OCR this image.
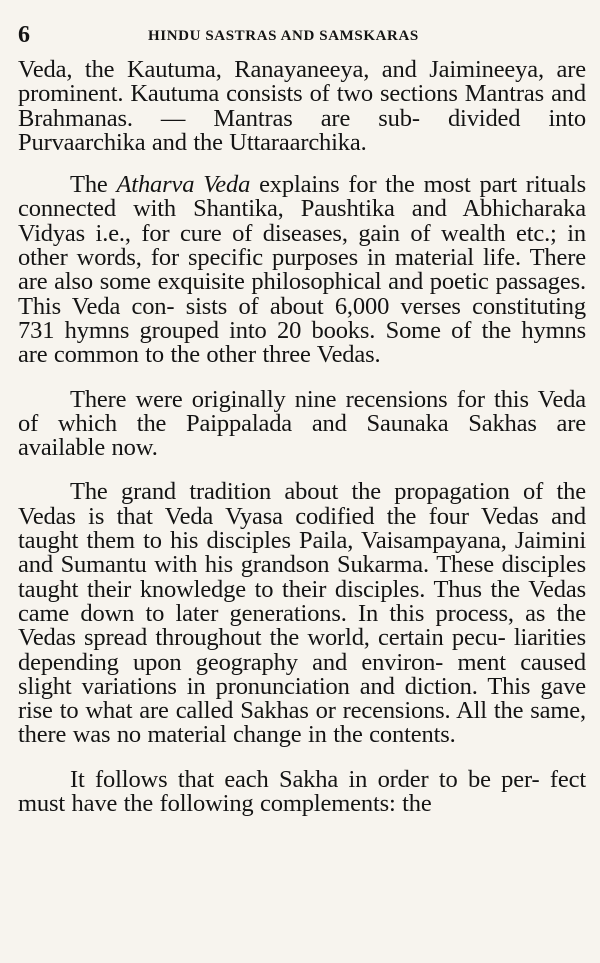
6	HINDU SASTRAS AND SAMSKARAS

Veda, the Kautuma, Ranayaneeya, and Jaimineeya, are prominent. Kautuma consists of two sections Mantras and Brahmanas. — Mantras are sub- divided into Purvaarchika and the Uttaraarchika.

The Atharva Veda explains for the most part rituals connected with Shantika, Paushtika and Abhicharaka Vidyas i.e., for cure of diseases, gain of wealth etc.; in other words, for specific purposes in material life. There are also some exquisite philosophical and poetic passages. This Veda con- sists of about 6,000 verses constituting 731 hymns grouped into 20 books. Some of the hymns are common to the other three Vedas.

There were originally nine recensions for this Veda of which the Paippalada and Saunaka Sakhas are available now.

The grand tradition about the propagation of the Vedas is that Veda Vyasa codified the four Vedas and taught them to his disciples Paila, Vaisampayana, Jaimini and Sumantu with his grandson Sukarma. These disciples taught their knowledge to their disciples. Thus the Vedas came down to later generations. In this process, as the Vedas spread throughout the world, certain pecu- liarities depending upon geography and environ- ment caused slight variations in pronunciation and diction. This gave rise to what are called Sakhas or recensions. All the same, there was no material change in the contents.

It follows that each Sakha in order to be per- fect must have the following complements: the
